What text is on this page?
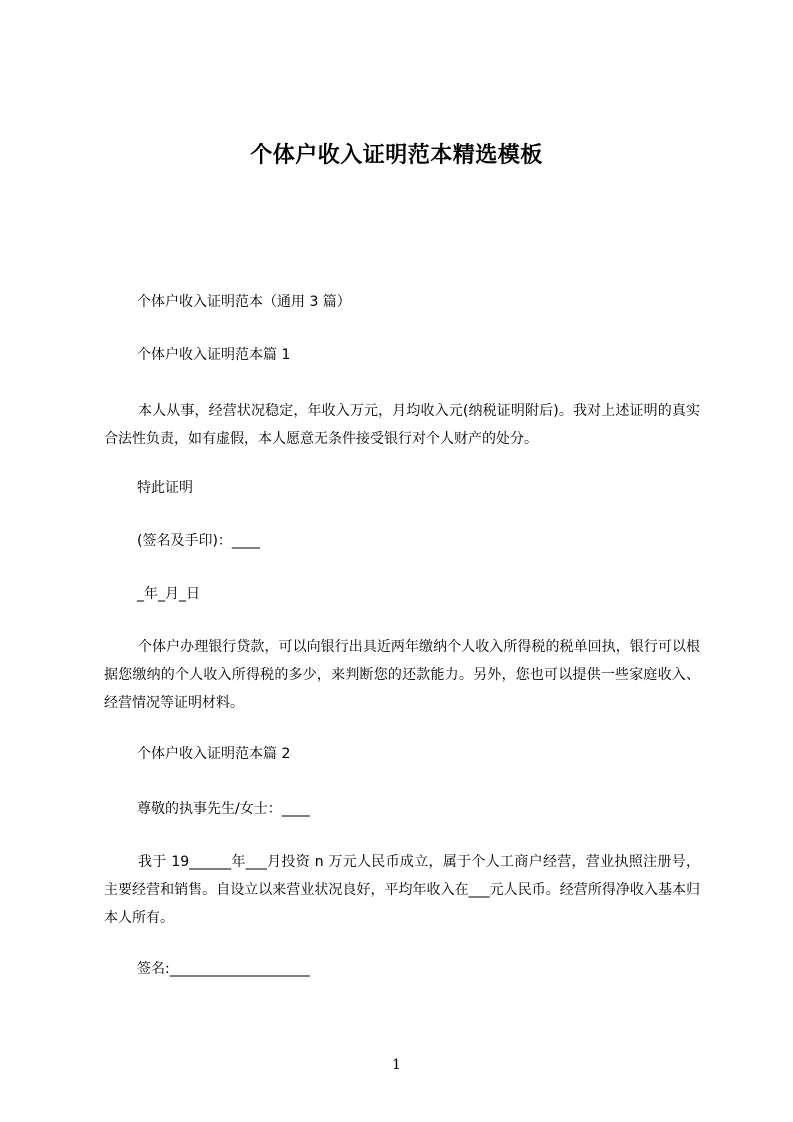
个体户收入证明范本精选模板
个体户收入证明范本（通用 3 篇）
个体户收入证明范本篇 1
本人从事，经营状况稳定，年收入万元，月均收入元(纳税证明附后)。我对上述证明的真实合法性负责，如有虚假，本人愿意无条件接受银行对个人财产的处分。
特此证明
(签名及手印)：____
_年_月_日
个体户办理银行贷款，可以向银行出具近两年缴纳个人收入所得税的税单回执，银行可以根据您缴纳的个人收入所得税的多少，来判断您的还款能力。另外，您也可以提供一些家庭收入、经营情况等证明材料。
个体户收入证明范本篇 2
尊敬的执事先生/女士：____
我于 19______年___月投资 n 万元人民币成立，属于个人工商户经营，营业执照注册号，主要经营和销售。自设立以来营业状况良好，平均年收入在___元人民币。经营所得净收入基本归本人所有。
签名:____________________
1
